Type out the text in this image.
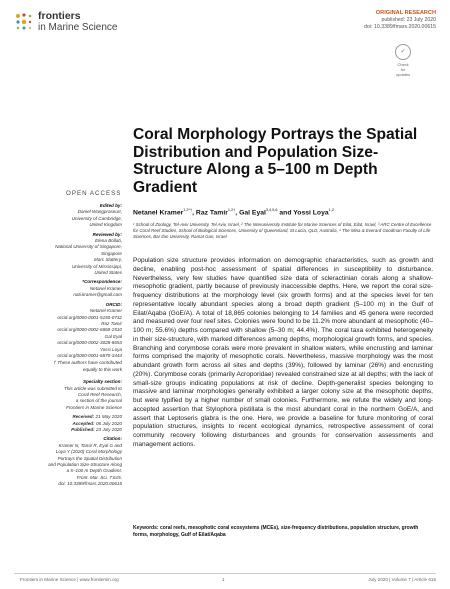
frontiers
in Marine Science
ORIGINAL RESEARCH
published: 23 July 2020
doi: 10.3389/fmars.2020.00615
✓
Check for updates
Coral Morphology Portrays the Spatial Distribution and Population Size-Structure Along a 5–100 m Depth Gradient
OPEN ACCESS
Netanel Kramer$^{1,2*\dagger}$, Raz Tamir$^{1,2\dagger}$, Gal Eyal$^{3,4,5,6}$ and Yossi Loya$^{1,2}$
¹ School of Zoology, Tel-Aviv University, Tel Aviv, Israel, ² The Interuniversity Institute for Marine Sciences of Eilat, Eilat, Israel, ³ ARC Centre of Excellence for Coral Reef Studies, School of Biological Sciences, University of Queensland, St Lucia, QLD, Australia, ⁴ The Mina & Everard Goodman Faculty of Life Sciences, Bar Ilan University, Ramat Gan, Israel
Edited by:
Daniel Wangpraseurt,
University of Cambridge,
United Kingdom
Reviewed by:
Elena Bollati,
National University of Singapore,
Singapore
Marc Slattery,
University of Mississippi,
United States
*Correspondence:
Netanel Kramer
nati.kramer@gmail.com
ORCID:
Netanel Kramer
orcid.org/0000-0001-5150-0732
Raz Tamir
orcid.org/0000-0002-6868-2510
Gal Eyal
orcid.org/0000-0002-3028-8653
Yossi Loya
orcid.org/0000-0001-6870-3444
† These authors have contributed
equally to this work
Specialty section:
This article was submitted to
Coral Reef Research,
a section of the journal
Frontiers in Marine Science
Received: 21 May 2020
Accepted: 06 July 2020
Published: 23 July 2020
Citation:
Kramer N, Tamir R, Eyal G and
Loya Y (2020) Coral Morphology
Portrays the Spatial Distribution
and Population Size-Structure Along
a 5–100 m Depth Gradient.
Front. Mar. Sci. 7:615.
doi: 10.3389/fmars.2020.00615
Population size structure provides information on demographic characteristics, such as growth and decline, enabling post-hoc assessment of spatial differences in susceptibility to disturbance. Nevertheless, very few studies have quantified size data of scleractinian corals along a shallow-mesophotic gradient, partly because of previously inaccessible depths. Here, we report the coral size-frequency distributions at the morphology level (six growth forms) and at the species level for ten representative locally abundant species along a broad depth gradient (5–100 m) in the Gulf of Eilat/Aqaba (GoE/A). A total of 18,865 colonies belonging to 14 families and 45 genera were recorded and measured over four reef sites. Colonies were found to be 11.2% more abundant at mesophotic (40–100 m; 55.6%) depths compared with shallow (5–30 m; 44.4%). The coral taxa exhibited heterogeneity in their size-structure, with marked differences among depths, morphological growth forms, and species. Branching and corymbose corals were more prevalent in shallow waters, while encrusting and laminar forms comprised the majority of mesophotic corals. Nevertheless, massive morphology was the most abundant growth form across all sites and depths (39%), followed by laminar (26%) and encrusting (20%). Corymbose corals (primarily Acroporidae) revealed constrained size at all depths; with the lack of small-size groups indicating populations at risk of decline. Depth-generalist species belonging to massive and laminar morphologies generally exhibited a larger colony size at the mesophotic depths, but were typified by a higher number of small colonies. Furthermore, we refute the widely and long-accepted assertion that Stylophora pistillata is the most abundant coral in the northern GoE/A, and assert that Leptoseris glabra is the one. Here, we provide a baseline for future monitoring of coral population structures, insights to recent ecological dynamics, retrospective assessment of coral community recovery following disturbances and grounds for conservation assessments and management actions.
Keywords: coral reefs, mesophotic coral ecosystems (MCEs), size-frequency distributions, population structure, growth forms, morphology, Gulf of Eilat/Aqaba
Frontiers in Marine Science | www.frontiersin.org	1	July 2020 | Volume 7 | Article 615
